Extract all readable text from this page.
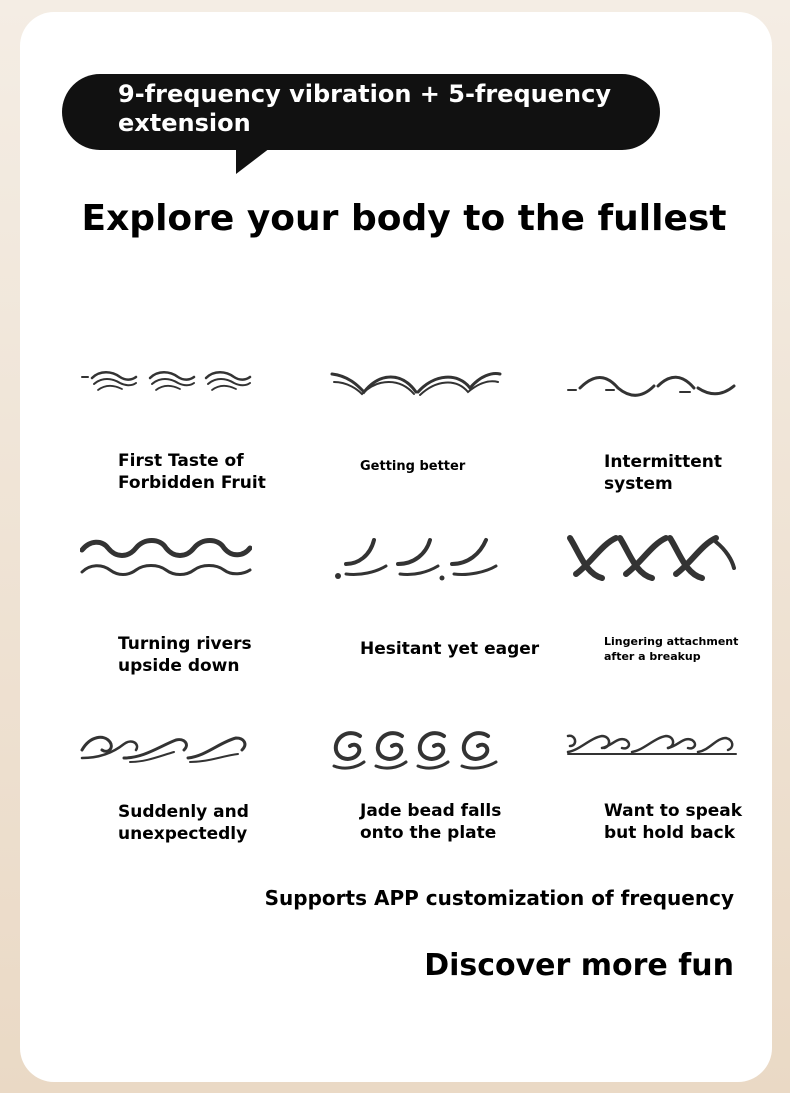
9-frequency vibration + 5-frequency extension
Explore your body to the fullest
First Taste of Forbidden Fruit
Getting better	Intermittent system
Turning rivers upside down
Hesitant yet eager	Lingering attachment after a breakup
Suddenly and unexpectedly
Jade bead falls onto the plate
Want to speak but hold back
Supports APP customization of frequency
Discover more fun
